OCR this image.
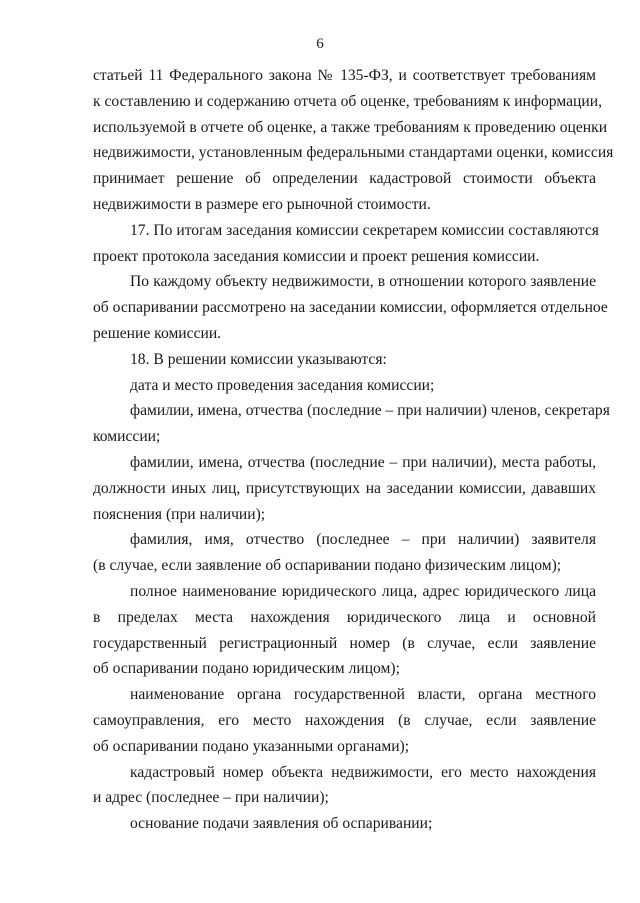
6

статьей 11 Федерального закона № 135-ФЗ, и соответствует требованиям
к составлению и содержанию отчета об оценке, требованиям к информации,
используемой в отчете об оценке, а также требованиям к проведению оценки
недвижимости, установленным федеральными стандартами оценки, комиссия
принимает решение об определении кадастровой стоимости объекта
недвижимости в размере его рыночной стоимости.

17. По итогам заседания комиссии секретарем комиссии составляются
проект протокола заседания комиссии и проект решения комиссии.

По каждому объекту недвижимости, в отношении которого заявление
об оспаривании рассмотрено на заседании комиссии, оформляется отдельное
решение комиссии.

18. В решении комиссии указываются:

дата и место проведения заседания комиссии;

фамилии, имена, отчества (последние – при наличии) членов, секретаря
комиссии;

фамилии, имена, отчества (последние – при наличии), места работы,
должности иных лиц, присутствующих на заседании комиссии, дававших
пояснения (при наличии);

фамилия, имя, отчество (последнее – при наличии) заявителя
(в случае, если заявление об оспаривании подано физическим лицом);

полное наименование юридического лица, адрес юридического лица
в пределах места нахождения юридического лица и основной
государственный регистрационный номер (в случае, если заявление
об оспаривании подано юридическим лицом);

наименование органа государственной власти, органа местного
самоуправления, его место нахождения (в случае, если заявление
об оспаривании подано указанными органами);

кадастровый номер объекта недвижимости, его место нахождения
и адрес (последнее – при наличии);

основание подачи заявления об оспаривании;
